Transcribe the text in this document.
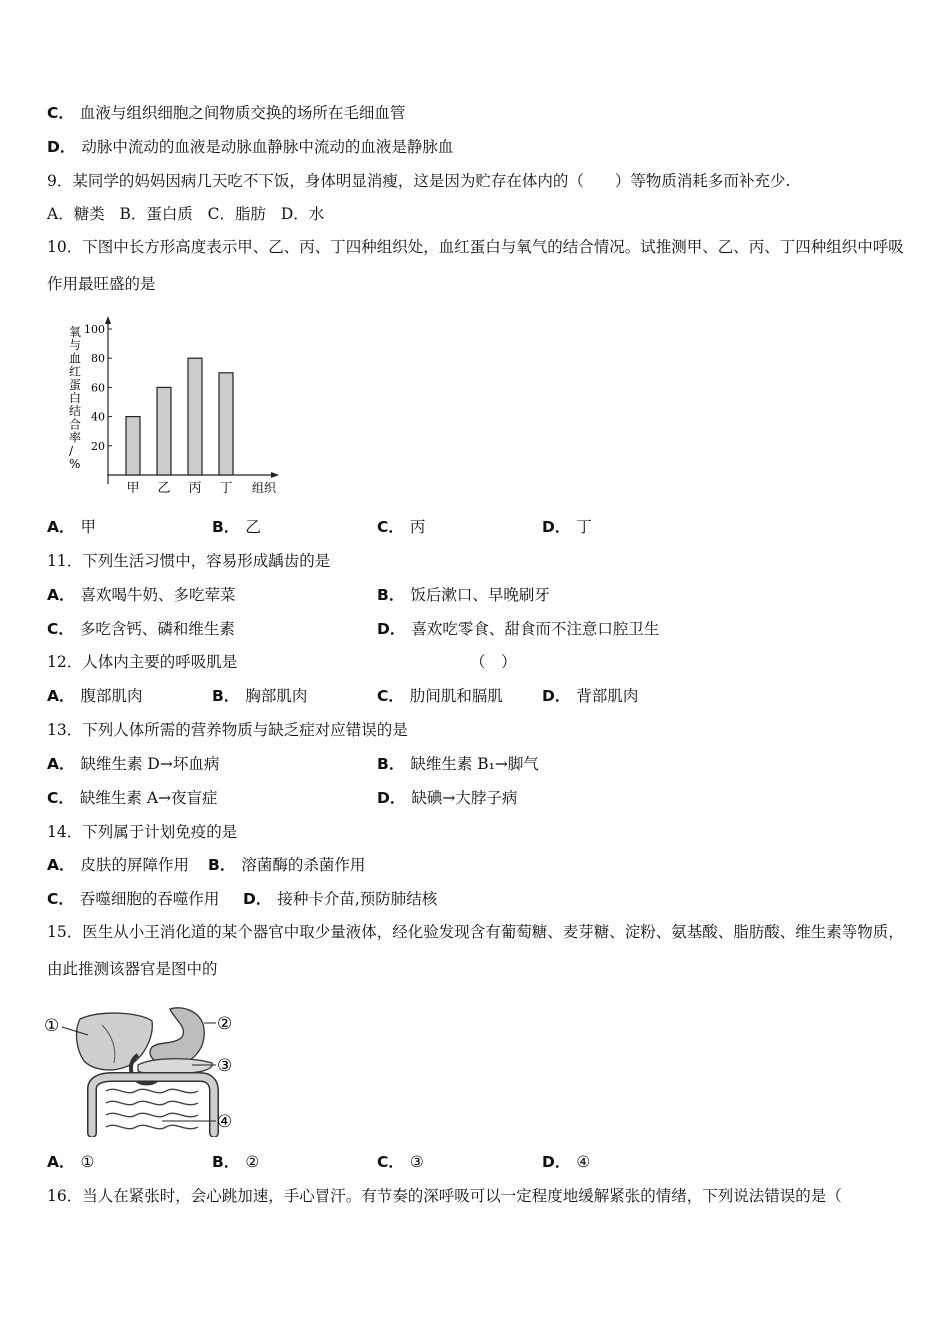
C． 血液与组织细胞之间物质交换的场所在毛细血管
D． 动脉中流动的血液是动脉血静脉中流动的血液是静脉血
9．某同学的妈妈因病几天吃不下饭，身体明显消瘦，这是因为贮存在体内的（　　）等物质消耗多而补充少.
A．糖类 B．蛋白质 C．脂肪 D．水
10．下图中长方形高度表示甲、乙、丙、丁四种组织处，血红蛋白与氧气的结合情况。试推测甲、乙、丙、丁四种组织中呼吸作用最旺盛的是
氧
与
血
红
蛋
白
结
合
率
/
%
20
40
60
80
100
甲 乙 丙 丁 组织
A． 甲	B． 乙	C． 丙	D． 丁
11．下列生活习惯中，容易形成龋齿的是
A． 喜欢喝牛奶、多吃荤菜	B． 饭后漱口、早晚刷牙
C． 多吃含钙、磷和维生素	D． 喜欢吃零食、甜食而不注意口腔卫生
12．人体内主要的呼吸肌是	（　）
A． 腹部肌肉	B． 胸部肌肉	C． 肋间肌和膈肌	D． 背部肌肉
13．下列人体所需的营养物质与缺乏症对应错误的是
A． 缺维生素 D→坏血病	B． 缺维生素 B₁→脚气
C． 缺维生素 A→夜盲症	D． 缺碘→大脖子病
14．下列属于计划免疫的是
A． 皮肤的屏障作用 B． 溶菌酶的杀菌作用
C． 吞噬细胞的吞噬作用 D． 接种卡介苗,预防肺结核
15．医生从小王消化道的某个器官中取少量液体，经化验发现含有葡萄糖、麦芽糖、淀粉、氨基酸、脂肪酸、维生素等物质，由此推测该器官是图中的
①	②
③
④
A． ①	B． ②	C． ③	D． ④
16．当人在紧张时，会心跳加速，手心冒汗。有节奏的深呼吸可以一定程度地缓解紧张的情绪，下列说法错误的是（
